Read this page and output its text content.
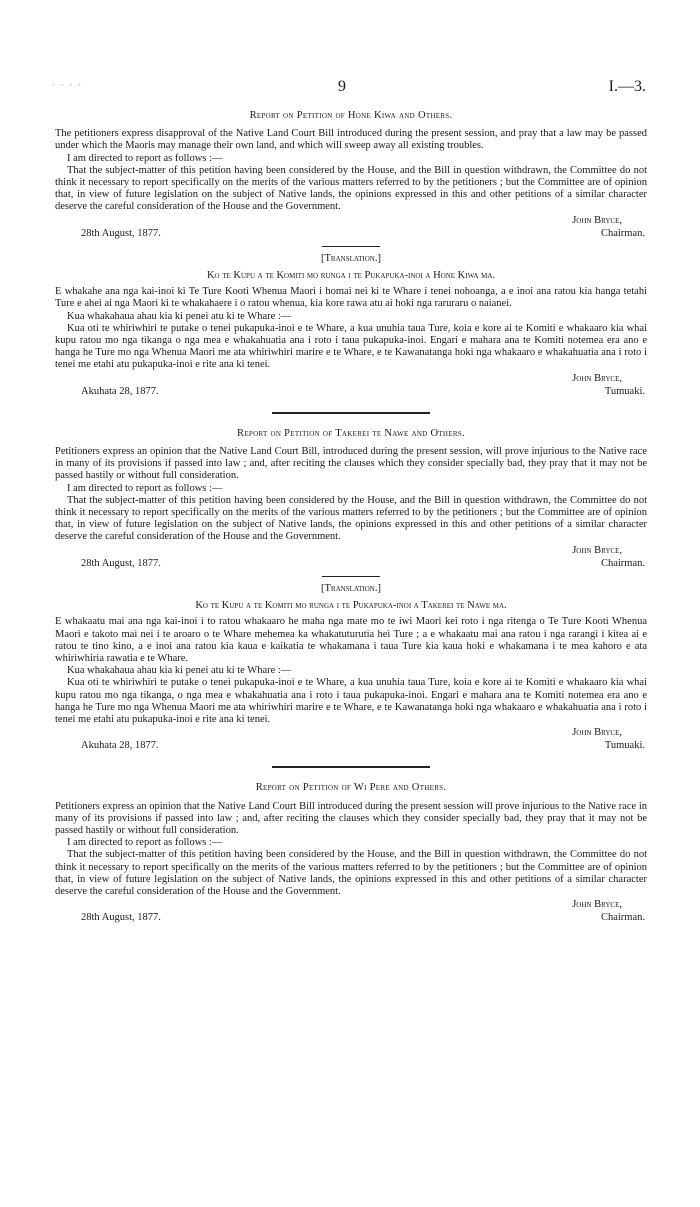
- - - -	9	I.—3.
Report on Petition of Hone Kiwa and Others.

The petitioners express disapproval of the Native Land Court Bill introduced during the present session, and pray that a law may be passed under which the Maoris may manage their own land, and which will sweep away all existing troubles.

I am directed to report as follows :—

That the subject-matter of this petition having been considered by the House, and the Bill in question withdrawn, the Committee do not think it necessary to report specifically on the merits of the various matters referred to by the petitioners ; but the Committee are of opinion that, in view of future legislation on the subject of Native lands, the opinions expressed in this and other petitions of a similar character deserve the careful consideration of the House and the Government.

John Bryce,
28th August, 1877.	Chairman.
[Translation.]
Ko te Kupu a te Komiti mo runga i te Pukapuka-inoi a Hone Kiwa ma.

E whakahe ana nga kai-inoi ki Te Ture Kooti Whenua Maori i homai nei ki te Whare i tenei nohoanga, a e inoi ana ratou kia hanga tetahi Ture e ahei ai nga Maori ki te whakahaere i o ratou whenua, kia kore rawa atu ai hoki nga raruraru o naianei.

Kua whakahaua ahau kia ki penei atu ki te Whare :—

Kua oti te whiriwhiri te putake o tenei pukapuka-inoi e te Whare, a kua unuhia taua Ture, koia e kore ai te Komiti e whakaaro kia whai kupu ratou mo nga tikanga o nga mea e whakahuatia ana i roto i taua pukapuka-inoi. Engari e mahara ana te Komiti notemea era ano e hanga he Ture mo nga Whenua Maori me ata whiriwhiri marire e te Whare, e te Kawanatanga hoki nga whakaaro e whakahuatia ana i roto i tenei me etahi atu pukapuka-inoi e rite ana ki tenei.

John Bryce,
Akuhata 28, 1877.	Tumuaki.
Report on Petition of Takerei te Nawe and Others.

Petitioners express an opinion that the Native Land Court Bill, introduced during the present session, will prove injurious to the Native race in many of its provisions if passed into law ; and, after reciting the clauses which they consider specially bad, they pray that it may not be passed hastily or without full consideration.

I am directed to report as follows :—

That the subject-matter of this petition having been considered by the House, and the Bill in question withdrawn, the Committee do not think it necessary to report specifically on the merits of the various matters referred to by the petitioners ; but the Committee are of opinion that, in view of future legislation on the subject of Native lands, the opinions expressed in this and other petitions of a similar character deserve the careful consideration of the House and the Government.

John Bryce,
28th August, 1877.	Chairman.
[Translation.]
Ko te Kupu a te Komiti mo runga i te Pukapuka-inoi a Takerei te Nawe ma.

E whakaatu mai ana nga kai-inoi i to ratou whakaaro he maha nga mate mo te iwi Maori kei roto i nga ritenga o Te Ture Kooti Whenua Maori e takoto mai nei i te aroaro o te Whare mehemea ka whakatuturutia hei Ture ; a e whakaatu mai ana ratou i nga rarangi i kitea ai e ratou te tino kino, a e inoi ana ratou kia kaua e kaikatia te whakamana i taua Ture kia kaua hoki e whakamana i te mea kahoro e ata whiriwhiria rawatia e te Whare.

Kua whakahaua ahau kia ki penei atu ki te Whare :—

Kua oti te whiriwhiri te putake o tenei pukapuka-inoi e te Whare, a kua unuhia taua Ture, koia e kore ai te Komiti e whakaaro kia whai kupu ratou mo nga tikanga, o nga mea e whakahuatia ana i roto i taua pukapuka-inoi. Engari e mahara ana te Komiti notemea era ano e hanga he Ture mo nga Whenua Maori me ata whiriwhiri marire e te Whare, e te Kawanatanga hoki nga whakaaro e whakahuatia ana i roto i tenei me etahi atu pukapuka-inoi e rite ana ki tenei.

John Bryce,
Akuhata 28, 1877.	Tumuaki.
Report on Petition of Wi Pere and Others.

Petitioners express an opinion that the Native Land Court Bill introduced during the present session will prove injurious to the Native race in many of its provisions if passed into law ; and, after reciting the clauses which they consider specially bad, they pray that it may not be passed hastily or without full consideration.

I am directed to report as follows :—

That the subject-matter of this petition having been considered by the House, and the Bill in question withdrawn, the Committee do not think it necessary to report specifically on the merits of the various matters referred to by the petitioners ; but the Committee are of opinion that, in view of future legislation on the subject of Native lands, the opinions expressed in this and other petitions of a similar character deserve the careful consideration of the House and the Government.

John Bryce,
28th August, 1877.	Chairman.
